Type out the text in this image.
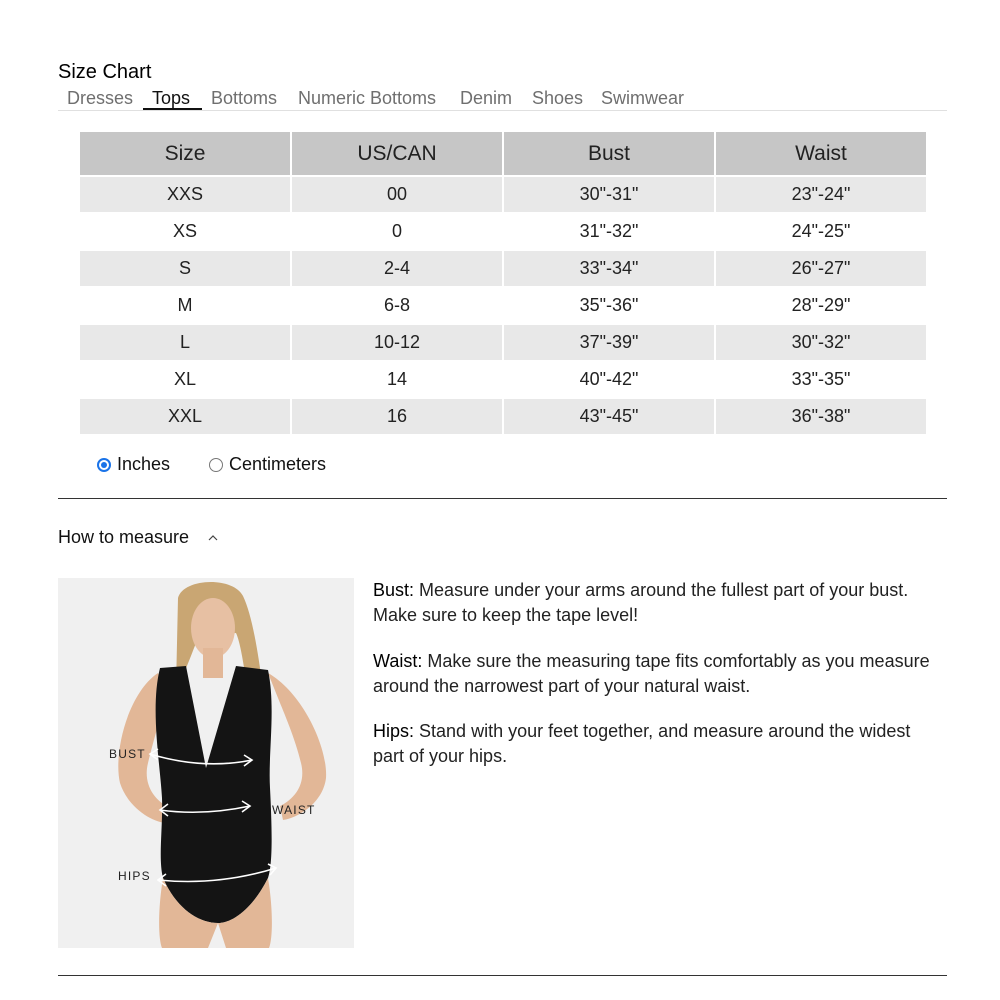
Size Chart
Dresses Tops Bottoms Numeric Bottoms Denim Shoes Swimwear
Size	US/CAN	Bust	Waist
XXS	00	30"-31"	23"-24"
XS	0	31"-32"	24"-25"
S	2-4	33"-34"	26"-27"
M	6-8	35"-36"	28"-29"
L	10-12	37"-39"	30"-32"
XL	14	40"-42"	33"-35"
XXL	16	43"-45"	36"-38"
Inches	Centimeters
How to measure
BUST
WAIST
HIPS
Bust: Measure under your arms around the fullest part of your bust. Make sure to keep the tape level!
Waist: Make sure the measuring tape fits comfortably as you measure around the narrowest part of your natural waist.
Hips: Stand with your feet together, and measure around the widest part of your hips.
